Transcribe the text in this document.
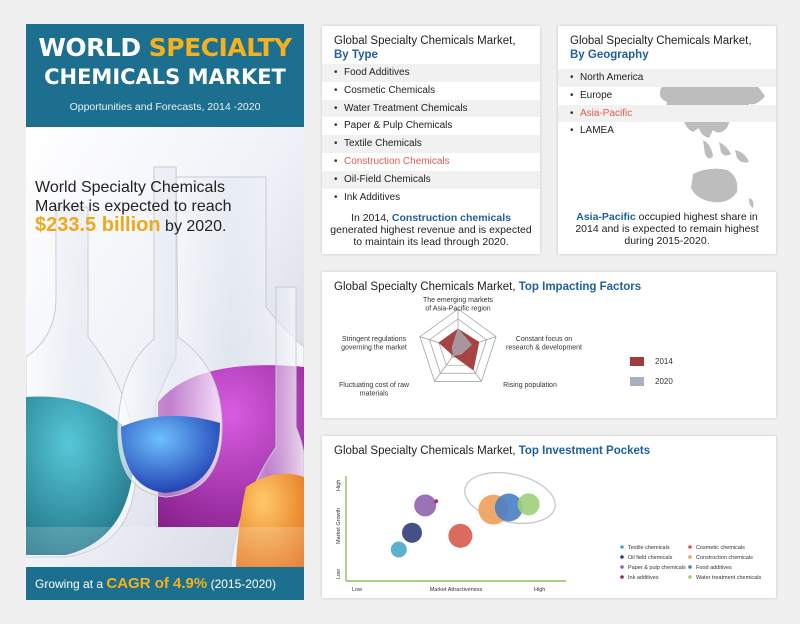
WORLD SPECIALTY
CHEMICALS MARKET
Opportunities and Forecasts, 2014 -2020
World Specialty Chemicals
Market is expected to reach
$233.5 billion by 2020.
Growing at a CAGR of 4.9% (2015-2020)
Global Specialty Chemicals Market,
By Type
• Food Additives
• Cosmetic Chemicals
• Water Treatment Chemicals
• Paper & Pulp Chemicals
• Textile Chemicals
• Construction Chemicals
• Oil-Field Chemicals
• Ink Additives
In 2014, Construction chemicals generated highest revenue and is expected to maintain its lead through 2020.
Global Specialty Chemicals Market,
By Geography
• North America
• Europe
• Asia-Pacific
• LAMEA
Asia-Pacific occupied highest share in 2014 and is expected to remain highest during 2015-2020.
Global Specialty Chemicals Market, Top Impacting Factors
The emerging markets of Asia-Pacific region
Constant focus on research & development
Rising population
Fluctuating cost of raw materials
Stringent regulations governing the market
2014
2020
Global Specialty Chemicals Market, Top Investment Pockets
Low	High
Market Attractiveness
Low
High
Market Growth
Textile chemicals	Cosmetic chemicals
Oil field chemicals	Construction chemicals
Paper & pulp chemicals Food additives
Ink additives	Water treatment chemicals
